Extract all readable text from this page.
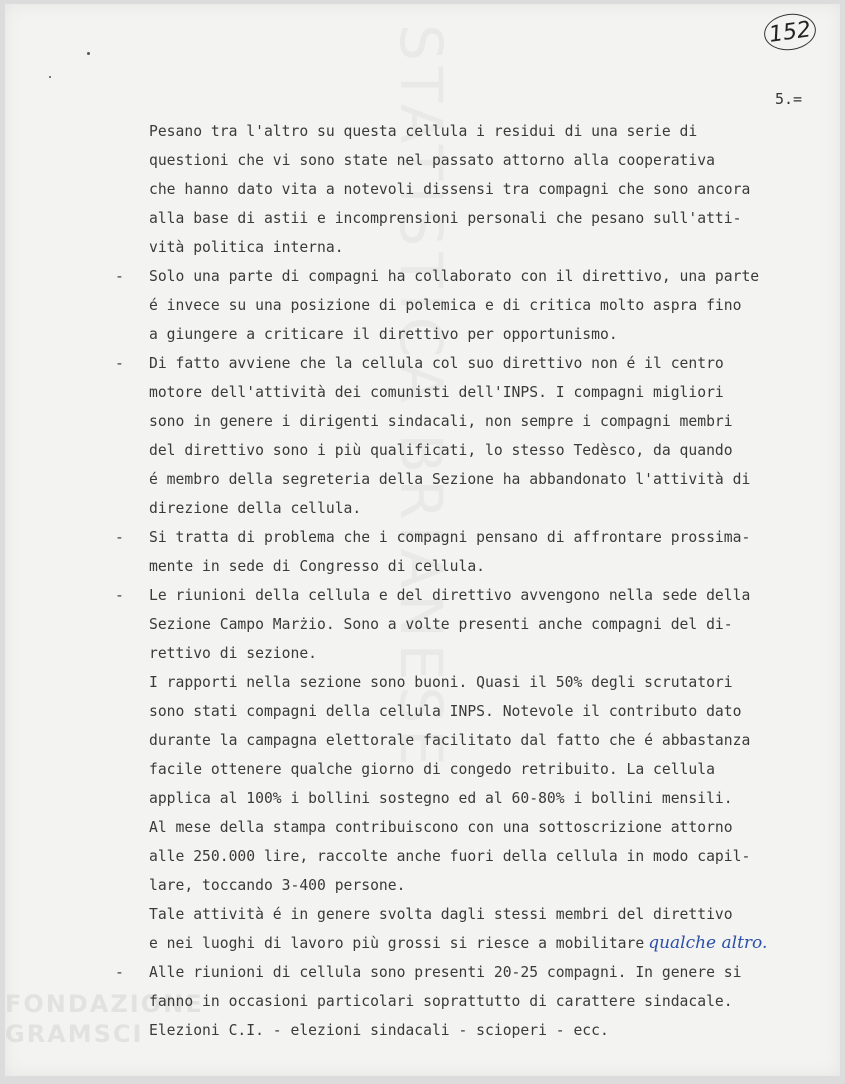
STATISTICA BRIANESE
FONDAZIONE
GRAMSCI
152
5.=
Pesano tra l'altro su questa cellula i residui di una serie di
questioni che vi sono state nel passato attorno alla cooperativa
che hanno dato vita a notevoli dissensi tra compagni che sono ancora
alla base di astii e incomprensioni personali che pesano sull'atti-
vità politica interna.
- Solo una parte di compagni ha collaborato con il direttivo, una parte
é invece su una posizione di polemica e di critica molto aspra fino
a giungere a criticare il direttivo per opportunismo.
- Di fatto avviene che la cellula col suo direttivo non é il centro
motore dell'attività dei comunisti dell'INPS. I compagni migliori
sono in genere i dirigenti sindacali, non sempre i compagni membri
del direttivo sono i più qualificati, lo stesso Tedèsco, da quando
é membro della segreteria della Sezione ha abbandonato l'attività di
direzione della cellula.
- Si tratta di problema che i compagni pensano di affrontare prossima-
mente in sede di Congresso di cellula.
- Le riunioni della cellula e del direttivo avvengono nella sede della
Sezione Campo Marżio. Sono a volte presenti anche compagni del di-
rettivo di sezione.
I rapporti nella sezione sono buoni. Quasi il 50% degli scrutatori
sono stati compagni della cellula INPS. Notevole il contributo dato
durante la campagna elettorale facilitato dal fatto che é abbastanza
facile ottenere qualche giorno di congedo retribuito. La cellula
applica al 100% i bollini sostegno ed al 60-80% i bollini mensili.
Al mese della stampa contribuiscono con una sottoscrizione attorno
alle 250.000 lire, raccolte anche fuori della cellula in modo capil-
lare, toccando 3-400 persone.
Tale attività é in genere svolta dagli stessi membri del direttivo
e nei luoghi di lavoro più grossi si riesce a mobilitare qualche altro.
- Alle riunioni di cellula sono presenti 20-25 compagni. In genere si
fanno in occasioni particolari soprattutto di carattere sindacale.
Elezioni C.I. - elezioni sindacali - scioperi - ecc.
